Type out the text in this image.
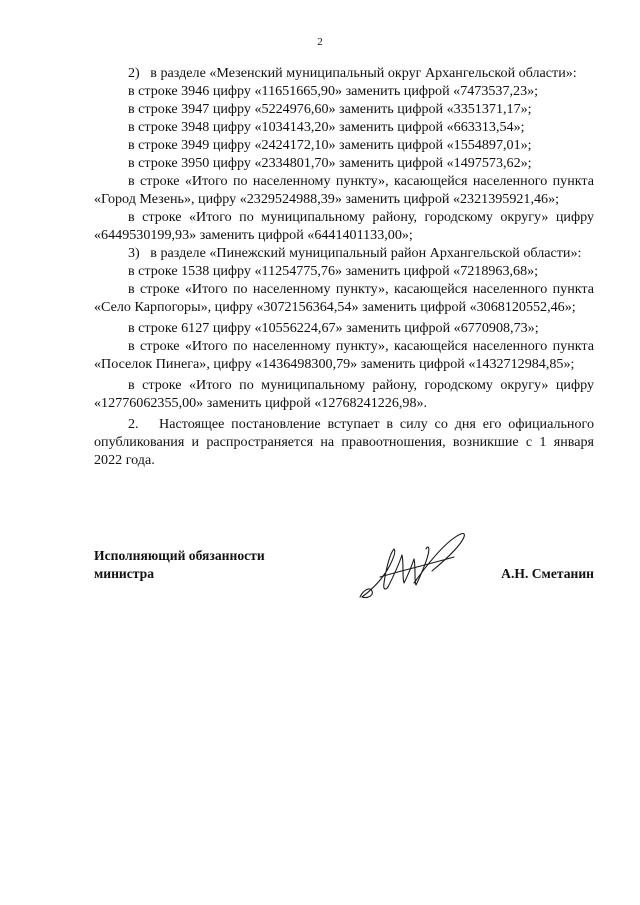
2

2)   в разделе «Мезенский муниципальный округ Архангельской области»:

в строке 3946 цифру «11651665,90» заменить цифрой «7473537,23»;

в строке 3947 цифру «5224976,60» заменить цифрой «3351371,17»;

в строке 3948 цифру «1034143,20» заменить цифрой «663313,54»;

в строке 3949 цифру «2424172,10» заменить цифрой «1554897,01»;

в строке 3950 цифру «2334801,70» заменить цифрой «1497573,62»;

в строке «Итого по населенному пункту», касающейся населенного пункта «Город Мезень», цифру «2329524988,39» заменить цифрой «2321395921,46»;

в строке «Итого по муниципальному району, городскому округу» цифру «6449530199,93» заменить цифрой «6441401133,00»;

3)   в разделе «Пинежский муниципальный район Архангельской области»:

в строке 1538 цифру «11254775,76» заменить цифрой «7218963,68»;

в строке «Итого по населенному пункту», касающейся населенного пункта «Село Карпогоры», цифру «3072156364,54» заменить цифрой «3068120552,46»;

в строке 6127 цифру «10556224,67» заменить цифрой «6770908,73»;

в строке «Итого по населенному пункту», касающейся населенного пункта «Поселок Пинега», цифру «1436498300,79» заменить цифрой «1432712984,85»;

в строке «Итого по муниципальному району, городскому округу» цифру «12776062355,00» заменить цифрой «12768241226,98».

2.   Настоящее постановление вступает в силу со дня его официального опубликования и распространяется на правоотношения, возникшие с 1 января 2022 года.

Исполняющий обязанности
министра	А.Н. Сметанин
